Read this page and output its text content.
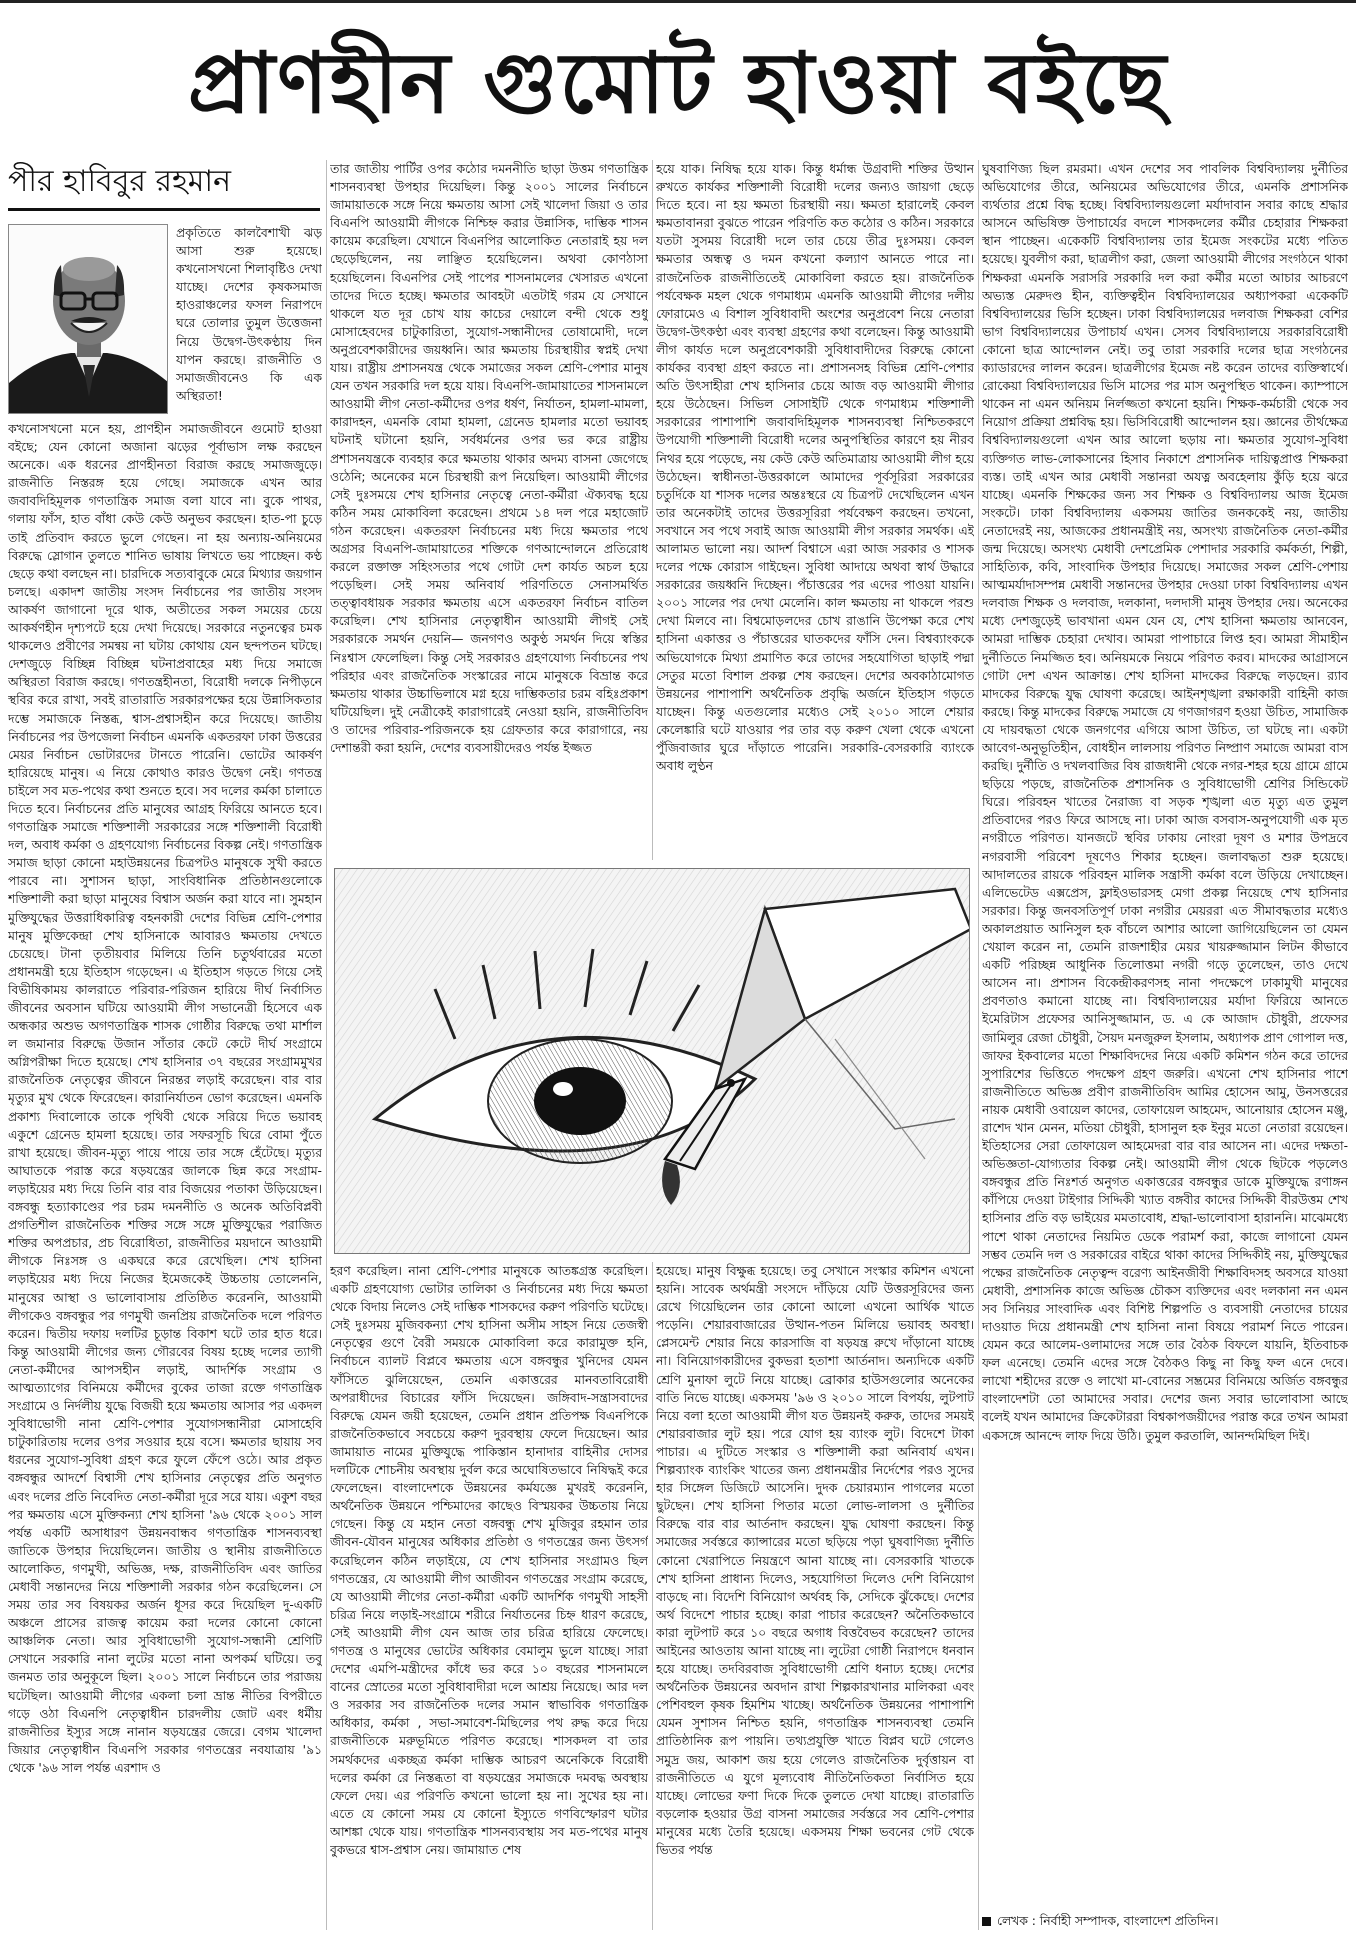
প্রাণহীন গুমোট হাওয়া বইছে
পীর হাবিবুর রহমান
প্রকৃতিতে কালবৈশাখী ঝড় আসা শুরু হয়েছে। কখনোসখনো শিলাবৃষ্টিও দেখা যাচ্ছে। দেশের কৃষকসমাজ হাওরাঞ্চলের ফসল নিরাপদে ঘরে তোলার তুমুল উত্তেজনা নিয়ে উদ্বেগ-উৎকণ্ঠায় দিন যাপন করছে। রাজনীতি ও সমাজজীবনেও কি এক অস্থিরতা!
কখনোসখনো মনে হয়, প্রাণহীন সমাজজীবনে গুমোট হাওয়া বইছে; যেন কোনো অজানা ঝড়ের পূর্বাভাস লক্ষ করছেন অনেকে। এক ধরনের প্রাণহীনতা বিরাজ করছে সমাজজুড়ে। রাজনীতি নিস্তরঙ্গ হয়ে গেছে। সমাজকে এখন আর জবাবদিহিমূলক গণতান্ত্রিক সমাজ বলা যাবে না। বুকে পাথর, গলায় ফাঁস, হাত বাঁধা কেউ কেউ অনুভব করছেন। হাত-পা চুড়ে তাই প্রতিবাদ করতে ভুলে গেছেন। না হয় অন্যায়-অনিয়মের বিরুদ্ধে স্লোগান তুলতে শানিত ভাষায় লিখতে ভয় পাচ্ছেন। কণ্ঠ ছেড়ে কথা বলছেন না। চারদিকে সত্যবাবুকে মেরে মিথ্যার জয়গান চলছে। একাদশ জাতীয় সংসদ নির্বাচনের পর জাতীয় সংসদ আকর্ষণ জাগানো দূরে থাক, অতীতের সকল সময়ের চেয়ে আকর্ষণহীন দৃশ্যপটে হয়ে দেখা দিয়েছে। সরকারে নতুনত্বের চমক থাকলেও প্রবীণের সমন্বয় না ঘটায় কোথায় যেন ছন্দপতন ঘটছে। দেশজুড়ে বিচ্ছিন্ন বিচ্ছিন্ন ঘটনাপ্রবাহের মধ্য দিয়ে সমাজে অস্থিরতা বিরাজ করছে। গণতন্ত্রহীনতা, বিরোধী দলকে নিপীড়নে স্থবির করে রাখা, সবই রাতারাতি সরকারপক্ষের হয়ে উন্নাসিকতার দম্ভে সমাজকে নিস্তব্ধ, শ্বাস-প্রশ্বাসহীন করে দিয়েছে। জাতীয় নির্বাচনের পর উপজেলা নির্বাচন এমনকি একতরফা ঢাকা উত্তরের মেয়র নির্বাচন ভোটারদের টানতে পারেনি। ভোটের আকর্ষণ হারিয়েছে মানুষ। এ নিয়ে কোথাও কারও উদ্বেগ নেই। গণতন্ত্র চাইলে সব মত-পথের কথা শুনতে হবে। সব দলের কর্মকা চালাতে দিতে হবে। নির্বাচনের প্রতি মানুষের আগ্রহ ফিরিয়ে আনতে হবে। গণতান্ত্রিক সমাজে শক্তিশালী সরকারের সঙ্গে শক্তিশালী বিরোধী দল, অবাধ কর্মকা ও গ্রহণযোগ্য নির্বাচনের বিকল্প নেই। গণতান্ত্রিক সমাজ ছাড়া কোনো মহাউন্নয়নের চিত্রপটও মানুষকে সুখী করতে পারবে না। সুশাসন ছাড়া, সাংবিধানিক প্রতিষ্ঠানগুলোকে শক্তিশালী করা ছাড়া মানুষের বিশ্বাস অর্জন করা যাবে না। সুমহান মুক্তিযুদ্ধের উত্তরাধিকারিত্ব বহনকারী দেশের বিভিন্ন শ্রেণি-পেশার মানুষ মুক্তিকেন্দ্রা শেখ হাসিনাকে আবারও ক্ষমতায় দেখতে চেয়েছে। টানা তৃতীয়বার মিলিয়ে তিনি চতুর্থবারের মতো প্রধানমন্ত্রী হয়ে ইতিহাস গড়েছেন। এ ইতিহাস গড়তে গিয়ে সেই বিভীষিকাময় কালরাতে পরিবার-পরিজন হারিয়ে দীর্ঘ নির্বাসিত জীবনের অবসান ঘটিয়ে আওয়ামী লীগ সভানেত্রী হিসেবে এক অন্ধকার অশুভ অগণতান্ত্রিক শাসক গোষ্ঠীর বিরুদ্ধে তথা মার্শাল ল জমানার বিরুদ্ধে উজান সাঁতার কেটে কেটে দীর্ঘ সংগ্রামে অগ্নিপরীক্ষা দিতে হয়েছে। শেখ হাসিনার ৩৭ বছরের সংগ্রামমুখর রাজনৈতিক নেতৃত্বের জীবনে নিরন্তর লড়াই করেছেন। বার বার মৃত্যুর মুখ থেকে ফিরেছেন। কারানির্যাতন ভোগ করেছেন। এমনকি প্রকাশ্য দিবালোকে তাকে পৃথিবী থেকে সরিয়ে দিতে ভয়াবহ একুশে গ্রেনেড হামলা হয়েছে। তার সফরসূচি ঘিরে বোমা পুঁতে রাখা হয়েছে। জীবন-মৃত্যু পায়ে পায়ে তার সঙ্গে হেঁটেছে। মৃত্যুর আঘাতকে পরাস্ত করে ষড়যন্ত্রের জালকে ছিন্ন করে সংগ্রাম-লড়াইয়ের মধ্য দিয়ে তিনি বার বার বিজয়ের পতাকা উড়িয়েছেন। বঙ্গবন্ধু হত্যাকাণ্ডের পর চরম দমননীতি ও অনেক অতিবিপ্লবী প্রগতিশীল রাজনৈতিক শক্তির সঙ্গে সঙ্গে মুক্তিযুদ্ধের পরাজিত শক্তির অপপ্রচার, প্রচ বিরোধিতা, রাজনীতির ময়দানে আওয়ামী লীগকে নিঃসঙ্গ ও একঘরে করে রেখেছিল। শেখ হাসিনা লড়াইয়ের মধ্য দিয়ে নিজের ইমেজকেই উচ্চতায় তোলেননি, মানুষের আস্থা ও ভালোবাসায় প্রতিষ্ঠিত করেননি, আওয়ামী লীগকেও বঙ্গবন্ধুর পর গণমুখী জনপ্রিয় রাজনৈতিক দলে পরিণত করেন। দ্বিতীয় দফায় দলটির চূড়ান্ত বিকাশ ঘটে তার হাত ধরে। কিন্তু আওয়ামী লীগের জন্য গৌরবের বিষয় হচ্ছে দলের ত্যাগী নেতা-কর্মীদের আপসহীন লড়াই, আদর্শিক সংগ্রাম ও আত্মত্যাগের বিনিময়ে কর্মীদের বুকের তাজা রক্তে গণতান্ত্রিক সংগ্রামে ও নির্দলীয় যুদ্ধে বিজয়ী হয়ে ক্ষমতায় আসার পর একদল সুবিধাভোগী নানা শ্রেণি-পেশার সুযোগসন্ধানীরা মোসাহেবি চাটুকারিতায় দলের ওপর সওয়ার হয়ে বসে। ক্ষমতার ছায়ায় সব ধরনের সুযোগ-সুবিধা গ্রহণ করে ফুলে ফেঁপে ওঠে। আর প্রকৃত বঙ্গবন্ধুর আদর্শে বিশ্বাসী শেখ হাসিনার নেতৃত্বের প্রতি অনুগত এবং দলের প্রতি নিবেদিত নেতা-কর্মীরা দূরে সরে যায়। একুশ বছর পর ক্ষমতায় এসে মুক্তিকন্যা শেখ হাসিনা '৯৬ থেকে ২০০১ সাল পর্যন্ত একটি অসাধারণ উন্নয়নবান্ধব গণতান্ত্রিক শাসনব্যবস্থা জাতিকে উপহার দিয়েছিলেন। জাতীয় ও স্থানীয় রাজনীতিতে আলোকিত, গণমুখী, অভিজ্ঞ, দক্ষ, রাজনীতিবিদ এবং জাতির মেধাবী সন্তানদের নিয়ে শক্তিশালী সরকার গঠন করেছিলেন। সে সময় তার সব বিষয়কর অর্জন ধূসর করে দিয়েছিল দু-একটি অঞ্চলে প্রাসের রাজত্ব কায়েম করা দলের কোনো কোনো আঞ্চলিক নেতা। আর সুবিধাভোগী সুযোগ-সন্ধানী শ্রেণিটি সেখানে সরকারি নানা লুটের মতো নানা অপকর্ম ঘটিয়ে। তবু জনমত তার অনুকূলে ছিল। ২০০১ সালে নির্বাচনে তার পরাজয় ঘটেছিল। আওয়ামী লীগের একলা চলা ভ্রান্ত নীতির বিপরীতে গড়ে ওঠা বিএনপি নেতৃত্বাধীন চারদলীয় জোট এবং ধর্মীয় রাজনীতির ইস্যুর সঙ্গে নানান ষড়যন্ত্রের জেরে। বেগম খালেদা জিয়ার নেতৃত্বাধীন বিএনপি সরকার গণতন্ত্রের নবযাত্রায় '৯১ থেকে '৯৬ সাল পর্যন্ত এরশাদ ও
তার জাতীয় পার্টির ওপর কঠোর দমননীতি ছাড়া উত্তম গণতান্ত্রিক শাসনব্যবস্থা উপহার দিয়েছিল। কিন্তু ২০০১ সালের নির্বাচনে জামায়াতকে সঙ্গে নিয়ে ক্ষমতায় আসা সেই খালেদা জিয়া ও তার বিএনপি আওয়ামী লীগকে নিশ্চিহ্ন করার উন্নাসিক, দাম্ভিক শাসন কায়েম করেছিল। যেখানে বিএনপির আলোকিত নেতারাই হয় দল ছেড়েছিলেন, নয় লাঞ্ছিত হয়েছিলেন। অথবা কোণঠাসা হয়েছিলেন। বিএনপির সেই পাপের শাসনামলের খেসারত এখনো তাদের দিতে হচ্ছে। ক্ষমতার আবহটা এতটাই গরম যে সেখানে থাকলে যত দূর চোখ যায় কাচের দেয়ালে বন্দী থেকে শুধু মোসাহেবদের চাটুকারিতা, সুযোগ-সন্ধানীদের তোষামোদী, দলে অনুপ্রবেশকারীদের জয়ধ্বনি। আর ক্ষমতায় চিরস্থায়ীর স্বপ্নই দেখা যায়। রাষ্ট্রীয় প্রশাসনযন্ত্র থেকে সমাজের সকল শ্রেণি-পেশার মানুষ যেন তখন সরকারি দল হয়ে যায়। বিএনপি-জামায়াতের শাসনামলে আওয়ামী লীগ নেতা-কর্মীদের ওপর ধর্ষণ, নির্যাতন, হামলা-মামলা, কারাদহন, এমনকি বোমা হামলা, গ্রেনেড হামলার মতো ভয়াবহ ঘটনাই ঘটানো হয়নি, সর্বধর্মনের ওপর ভর করে রাষ্ট্রীয় প্রশাসনযন্ত্রকে ব্যবহার করে ক্ষমতায় থাকার অদম্য বাসনা জেগেছে ওঠেনি; অনেকের মনে চিরস্থায়ী রূপ নিয়েছিল। আওয়ামী লীগের সেই দুঃসময়ে শেখ হাসিনার নেতৃত্বে নেতা-কর্মীরা ঐক্যবদ্ধ হয়ে কঠিন সময় মোকাবিলা করেছেন। প্রথমে ১৪ দল পরে মহাজোট গঠন করেছেন। একতরফা নির্বাচনের মধ্য দিয়ে ক্ষমতার পথে অগ্রসর বিএনপি-জামায়াতের শক্তিকে গণআন্দোলনে প্রতিরোধ করলে রক্তাক্ত সহিংসতার পথে গোটা দেশ কার্যত অচল হয়ে পড়েছিল। সেই সময় অনিবার্য পরিণতিতে সেনাসমর্থিত তত্ত্বাবধায়ক সরকার ক্ষমতায় এসে একতরফা নির্বাচন বাতিল করেছিল। শেখ হাসিনার নেতৃত্বাধীন আওয়ামী লীগই সেই সরকারকে সমর্থন দেয়নি— জনগণও অকুণ্ঠ সমর্থন দিয়ে স্বস্তির নিঃশ্বাস ফেলেছিল। কিন্তু সেই সরকারও গ্রহণযোগ্য নির্বাচনের পথ পরিহার এবং রাজনৈতিক সংস্কারের নামে মানুষকে বিভ্রান্ত করে ক্ষমতায় থাকার উচ্চাভিলাষে মগ্ন হয়ে দাম্ভিকতার চরম বহিঃপ্রকাশ ঘটিয়েছিল। দুই নেত্রীকেই কারাগারেই নেওয়া হয়নি, রাজনীতিবিদ ও তাদের পরিবার-পরিজনকে হয় গ্রেফতার করে কারাগারে, নয় দেশান্তরী করা হয়নি, দেশের ব্যবসায়ীদেরও পর্যন্ত ইজ্জত
হয়ে যাক। নিষিদ্ধ হয়ে যাক। কিন্তু ধর্মান্ধ উগ্রবাদী শক্তির উত্থান রুখতে কার্যকর শক্তিশালী বিরোধী দলের জন্যও জায়গা ছেড়ে দিতে হবে। না হয় ক্ষমতা চিরস্থায়ী নয়। ক্ষমতা হারালেই কেবল ক্ষমতাবানরা বুঝতে পারেন পরিণতি কত কঠোর ও কঠিন। সরকারে যতটা সুসময় বিরোধী দলে তার চেয়ে তীব্র দুঃসময়। কেবল ক্ষমতার অন্ধত্ব ও দমন কখনো কল্যাণ আনতে পারে না। রাজনৈতিক রাজনীতিতেই মোকাবিলা করতে হয়। রাজনৈতিক পর্যবেক্ষক মহল থেকে গণমাধ্যম এমনকি আওয়ামী লীগের দলীয় ফোরামেও এ বিশাল সুবিধাবাদী অংশের অনুপ্রবেশ নিয়ে নেতারা উদ্বেগ-উৎকণ্ঠা এবং ব্যবস্থা গ্রহণের কথা বলেছেন। কিন্তু আওয়ামী লীগ কার্যত দলে অনুপ্রবেশকারী সুবিধাবাদীদের বিরুদ্ধে কোনো কার্যকর ব্যবস্থা গ্রহণ করতে না। প্রশাসনসহ বিভিন্ন শ্রেণি-পেশার অতি উৎসাহীরা শেখ হাসিনার চেয়ে আজ বড় আওয়ামী লীগার হয়ে উঠেছেন। সিভিল সোসাইটি থেকে গণমাধ্যম শক্তিশালী সরকারের পাশাপাশি জবাবদিহিমূলক শাসনব্যবস্থা নিশ্চিতকরণে উপযোগী শক্তিশালী বিরোধী দলের অনুপস্থিতির কারণে হয় নীরব নিথর হয়ে পড়েছে, নয় কেউ কেউ অতিমাত্রায় আওয়ামী লীগ হয়ে উঠেছেন। স্বাধীনতা-উত্তরকালে আমাদের পূর্বসূরিরা সরকারের চতুর্দিকে যা শাসক দলের অন্তঃস্থরে যে চিত্রপট দেখেছিলেন এখন তার অনেকটাই তাদের উত্তরসূরিরা পর্যবেক্ষণ করছেন। তখনো, সবখানে সব পথে সবাই আজ আওয়ামী লীগ সরকার সমর্থক। এই আলামত ভালো নয়। আদর্শ বিশ্বাসে এরা আজ সরকার ও শাসক দলের পক্ষে কোরাস গাইছেন। সুবিধা আদায়ে অথবা স্বার্থ উদ্ধারে সরকারের জয়ধ্বনি দিচ্ছেন। পঁচাত্তরের পর এদের পাওয়া যায়নি। ২০০১ সালের পর দেখা মেলেনি। কাল ক্ষমতায় না থাকলে পরশু দেখা মিলবে না। বিশ্বমোড়লদের চোখ রাঙানি উপেক্ষা করে শেখ হাসিনা একাত্তর ও পঁচাত্তরের ঘাতকদের ফাঁসি দেন। বিশ্বব্যাংককে অভিযোগকে মিথ্যা প্রমাণিত করে তাদের সহযোগিতা ছাড়াই পদ্মা সেতুর মতো বিশাল প্রকল্প শেষ করছেন। দেশের অবকাঠামোগত উন্নয়নের পাশাপাশি অর্থনৈতিক প্রবৃদ্ধি অর্জনে ইতিহাস গড়তে যাচ্ছেন। কিন্তু এতগুলোর মধ্যেও সেই ২০১০ সালে শেয়ার কেলেঙ্কারি ঘটে যাওয়ার পর তার বড় করুণ খেলা থেকে এখনো পুঁজিবাজার ঘুরে দাঁড়াতে পারেনি। সরকারি-বেসরকারি ব্যাংকে অবাধ লুণ্ঠন
হরণ করেছিল। নানা শ্রেণি-পেশার মানুষকে আতঙ্কগ্রস্ত করেছিল। একটি গ্রহণযোগ্য ভোটার তালিকা ও নির্বাচনের মধ্য দিয়ে ক্ষমতা থেকে বিদায় নিলেও সেই দাম্ভিক শাসকদের করুণ পরিণতি ঘটেছে। সেই দুঃসময় মুজিবকন্যা শেখ হাসিনা অসীম সাহস নিয়ে তেজস্বী নেতৃত্বের গুণে বৈরী সময়কে মোকাবিলা করে কারামুক্ত হনি, নির্বাচনে ব্যালট বিপ্লবে ক্ষমতায় এসে বঙ্গবন্ধুর খুনিদের যেমন ফাঁসিতে ঝুলিয়েছেন, তেমনি একাত্তরের মানবতাবিরোধী অপরাধীদের বিচারের ফাঁসি দিয়েছেন। জঙ্গিবাদ-সন্ত্রাসবাদের বিরুদ্ধে যেমন জয়ী হয়েছেন, তেমনি প্রধান প্রতিপক্ষ বিএনপিকে রাজনৈতিকভাবে সবচেয়ে করুণ দুরবস্থায় ফেলে দিয়েছেন। আর জামায়াত নামের মুক্তিযুদ্ধে পাকিস্তান হানাদার বাহিনীর দোসর দলটিকে শোচনীয় অবস্থায় দুর্বল করে অঘোষিতভাবে নিষিদ্ধই করে ফেলেছেন। বাংলাদেশকে উন্নয়নের কর্মযজ্ঞে মুখরই করেননি, অর্থনৈতিক উন্নয়নে পশ্চিমাদের কাছেও বিস্ময়কর উচ্চতায় নিয়ে গেছেন। কিন্তু যে মহান নেতা বঙ্গবন্ধু শেখ মুজিবুর রহমান তার জীবন-যৌবন মানুষের অধিকার প্রতিষ্ঠা ও গণতন্ত্রের জন্য উৎসর্গ করেছিলেন কঠিন লড়াইয়ে, যে শেখ হাসিনার সংগ্রামও ছিল গণতন্ত্রের, যে আওয়ামী লীগ আজীবন গণতন্ত্রের সংগ্রাম করেছে, যে আওয়ামী লীগের নেতা-কর্মীরা একটি আদর্শিক গণমুখী সাহসী চরিত্র নিয়ে লড়াই-সংগ্রামে শরীরে নির্যাতনের চিহ্ন ধারণ করেছে, সেই আওয়ামী লীগ যেন আজ তার চরিত্র হারিয়ে ফেলেছে। গণতন্ত্র ও মানুষের ভোটের অধিকার বেমালুম ভুলে যাচ্ছে। সারা দেশের এমপি-মন্ত্রীদের কাঁধে ভর করে ১০ বছরের শাসনামলে বানের স্রোতের মতো সুবিধাবাদীরা দলে আশ্রয় নিয়েছে। আর দল ও সরকার সব রাজনৈতিক দলের সমান স্বাভাবিক গণতান্ত্রিক অধিকার, কর্মকা , সভা-সমাবেশ-মিছিলের পথ রুদ্ধ করে দিয়ে রাজনীতিকে মরুভূমিতে পরিণত করেছে। শাসকদল বা তার সমর্থকদের একচ্ছত্র কর্মকা দাম্ভিক আচরণ অনেকিকে বিরোধী দলের কর্মকা রে নিস্তব্ধতা বা ষড়যন্ত্রের সমাজকে দমবদ্ধ অবস্থায় ফেলে দেয়। এর পরিণতি কখনো ভালো হয় না। সুখের হয় না। এতে যে কোনো সময় যে কোনো ইস্যুতে গণবিস্ফোরণ ঘটার আশঙ্কা থেকে যায়। গণতান্ত্রিক শাসনব্যবস্থায় সব মত-পথের মানুষ বুকভরে শ্বাস-প্রশ্বাস নেয়। জামায়াত শেষ
হয়েছে। মানুষ বিক্ষুব্ধ হয়েছে। তবু সেখানে সংস্কার কমিশন এখনো হয়নি। সাবেক অর্থমন্ত্রী সংসদে দাঁড়িয়ে যেটি উত্তরসূরিদের জন্য রেখে গিয়েছিলেন তার কোনো আলো এখনো আর্থিক খাতে পড়েনি। শেয়ারবাজারের উত্থান-পতন মিলিয়ে ভয়াবহ অবস্থা। প্লেসমেন্ট শেয়ার নিয়ে কারসাজি বা ষড়যন্ত্র রুখে দাঁড়ানো যাচ্ছে না। বিনিয়োগকারীদের বুকভরা হতাশা আর্তনাদ। অন্যদিকে একটি শ্রেণি মুনাফা লুটে নিয়ে যাচ্ছে। ব্রোকার হাউসগুলোর অনেকের বাতি নিভে যাচ্ছে। একসময় '৯৬ ও ২০১০ সালে বিপর্যয়, লুটপাট নিয়ে বলা হতো আওয়ামী লীগ যত উন্নয়নই করুক, তাদের সময়ই শেয়ারবাজার লুট হয়। পরে যোগ হয় ব্যাংক লুট। বিদেশে টাকা পাচার। এ দুটিতে সংস্কার ও শক্তিশালী করা অনিবার্য এখন। শিল্পব্যাংক ব্যাংকিং খাতের জন্য প্রধানমন্ত্রীর নির্দেশের পরও সুদের হার সিঙ্গেল ডিজিটে আসেনি। দুদক চেয়ারম্যান পাগলের মতো ছুটছেন। শেখ হাসিনা পিতার মতো লোভ-লালসা ও দুর্নীতির বিরুদ্ধে বার বার আর্তনাদ করছেন। যুদ্ধ ঘোষণা করছেন। কিন্তু সমাজের সর্বস্তরে ক্যান্সারের মতো ছড়িয়ে পড়া ঘুষবাণিজ্য দুর্নীতি কোনো খেরাপিতে নিয়ন্ত্রণে আনা যাচ্ছে না। বেসরকারি খাতকে শেখ হাসিনা প্রাধান্য দিলেও, সহযোগিতা দিলেও দেশি বিনিয়োগ বাড়ছে না। বিদেশি বিনিয়োগ অর্থবহ কি, সেদিকে ঝুঁকেছে। দেশের অর্থ বিদেশে পাচার হচ্ছে। কারা পাচার করেছেন? অনৈতিকভাবে কারা লুটপাট করে ১০ বছরে অগাধ বিত্তবৈভব করেছেন? তাদের আইনের আওতায় আনা যাচ্ছে না। লুটেরা গোষ্ঠী নিরাপদে ধনবান হয়ে যাচ্ছে। তদবিরবাজ সুবিধাভোগী শ্রেণি ধনাঢ্য হচ্ছে। দেশের অর্থনৈতিক উন্নয়নের অবদান রাখা শিল্পকারখানার মালিকরা এবং পেশিবহুল কৃষক হিমশিম খাচ্ছে। অর্থনৈতিক উন্নয়নের পাশাপাশি যেমন সুশাসন নিশ্চিত হয়নি, গণতান্ত্রিক শাসনব্যবস্থা তেমনি প্রাতিষ্ঠানিক রূপ পায়নি। তথ্যপ্রযুক্তি খাতে বিপ্লব ঘটে গেলেও সমুদ্র জয়, আকাশ জয় হয়ে গেলেও রাজনৈতিক দুর্বৃত্তায়ন বা রাজনীতিতে এ যুগে মূল্যবোধ নীতিনৈতিকতা নির্বাসিত হয়ে যাচ্ছে। লোভের ফণা দিকে দিকে তুলতে দেখা যাচ্ছে। রাতারাতি বড়লোক হওয়ার উগ্র বাসনা সমাজের সর্বস্তরে সব শ্রেণি-পেশার মানুষের মধ্যে তৈরি হয়েছে। একসময় শিক্ষা ভবনের গেট থেকে ভিতর পর্যন্ত
ঘুষবাণিজ্য ছিল রমরমা। এখন দেশের সব পাবলিক বিশ্ববিদ্যালয় দুর্নীতির অভিযোগের তীরে, অনিয়মের অভিযোগের তীরে, এমনকি প্রশাসনিক ব্যর্থতার প্রশ্নে বিদ্ধ হচ্ছে। বিশ্ববিদ্যালয়গুলো মর্যাদাবান সবার কাছে শ্রদ্ধার আসনে অভিষিক্ত উপাচার্যের বদলে শাসকদলের কর্মীর চেহারার শিক্ষকরা স্থান পাচ্ছেন। একেকটি বিশ্ববিদ্যালয় তার ইমেজ সংকটের মধ্যে পতিত হয়েছে। যুবলীগ করা, ছাত্রলীগ করা, জেলা আওয়ামী লীগের সংগঠনে থাকা শিক্ষকরা এমনকি সরাসরি সরকারি দল করা কর্মীর মতো আচার আচরণে অভ্যস্ত মেরুদণ্ড হীন, ব্যক্তিত্বহীন বিশ্ববিদ্যালয়ের অধ্যাপকরা একেকটি বিশ্ববিদ্যালয়ের ভিসি হচ্ছেন। ঢাকা বিশ্ববিদ্যালয়ের দলবাজ শিক্ষকরা বেশির ভাগ বিশ্ববিদ্যালয়ের উপাচার্য এখন। সেসব বিশ্ববিদ্যালয়ে সরকারবিরোধী কোনো ছাত্র আন্দোলন নেই। তবু তারা সরকারি দলের ছাত্র সংগঠনের ক্যাডারদের লালন করেন। ছাত্রলীগের ইমেজ নষ্ট করেন তাদের ব্যক্তিস্বার্থে। রোকেয়া বিশ্ববিদ্যালয়ের ভিসি মাসের পর মাস অনুপস্থিত থাকেন। ক্যাম্পাসে থাকেন না এমন অনিয়ম নির্লজ্জতা কখনো হয়নি। শিক্ষক-কর্মচারী থেকে সব নিয়োগ প্রক্রিয়া প্রশ্নবিদ্ধ হয়। ভিসিবিরোধী আন্দোলন হয়। জ্ঞানের তীর্থক্ষেত্র বিশ্ববিদ্যালয়গুলো এখন আর আলো ছড়ায় না। ক্ষমতার সুযোগ-সুবিধা ব্যক্তিগত লাভ-লোকসানের হিসাব নিকাশে প্রশাসনিক দায়িত্বপ্রাপ্ত শিক্ষকরা ব্যস্ত। তাই এখন আর মেধাবী সন্তানরা অযত্ন অবহেলায় কুঁড়ি হয়ে ঝরে যাচ্ছে। এমনকি শিক্ষকের জন্য সব শিক্ষক ও বিশ্ববিদ্যালয় আজ ইমেজ সংকটে। ঢাকা বিশ্ববিদ্যালয় একসময় জাতির জনককেই নয়, জাতীয় নেতাদেরই নয়, আজকের প্রধানমন্ত্রীই নয়, অসংখ্য রাজনৈতিক নেতা-কর্মীর জন্ম দিয়েছে। অসংখ্য মেধাবী দেশপ্রেমিক পেশাদার সরকারি কর্মকর্তা, শিল্পী, সাহিত্যিক, কবি, সাংবাদিক উপহার দিয়েছে। সমাজের সকল শ্রেণি-পেশায় আত্মমর্যাদাসম্পন্ন মেধাবী সন্তানদের উপহার দেওয়া ঢাকা বিশ্ববিদ্যালয় এখন দলবাজ শিক্ষক ও দলবাজ, দলকানা, দলদাসী মানুষ উপহার দেয়। অনেকের মধ্যে দেশজুড়েই ভাবখানা এমন যেন যে, শেখ হাসিনা ক্ষমতায় আনবেন, আমরা দাম্ভিক চেহারা দেখাব। আমরা পাপাচারে লিপ্ত হব। আমরা সীমাহীন দুর্নীতিতে নিমজ্জিত হব। অনিয়মকে নিয়মে পরিণত করব। মাদকের আগ্রাসনে গোটা দেশ এখন আক্রান্ত। শেখ হাসিনা মাদকের বিরুদ্ধে লড়ছেন। র‍্যাব মাদকের বিরুদ্ধে যুদ্ধ ঘোষণা করেছে। আইনশৃঙ্খলা রক্ষাকারী বাহিনী কাজ করছে। কিন্তু মাদকের বিরুদ্ধে সমাজে যে গণজাগরণ হওয়া উচিত, সামাজিক যে দায়বদ্ধতা থেকে জনগণের এগিয়ে আসা উচিত, তা ঘটছে না। একটা আবেগ-অনুভূতিহীন, বোধহীন লালসায় পরিণত নিষ্প্রাণ সমাজে আমরা বাস করছি। দুর্নীতি ও দখলবাজির বিষ রাজধানী থেকে নগর-শহর হয়ে গ্রামে গ্রামে ছড়িয়ে পড়ছে, রাজনৈতিক প্রশাসনিক ও সুবিধাভোগী শ্রেণির সিন্ডিকেট ঘিরে। পরিবহন খাতের নৈরাজ্য বা সড়ক শৃঙ্খলা এত মৃত্যু এত তুমুল প্রতিবাদের পরও ফিরে আসছে না। ঢাকা আজ বসবাস-অনুপযোগী এক মৃত নগরীতে পরিণত। যানজটে স্থবির ঢাকায় নোংরা দূষণ ও মশার উপদ্রবে নগরবাসী পরিবেশ দূষণেও শিকার হচ্ছেন। জলাবদ্ধতা শুরু হয়েছে। আদালতের রায়কে পরিবহন মালিক সন্ত্রাসী কর্মকা বলে উড়িয়ে দেখাচ্ছেন। এলিভেটেড এক্সপ্রেস, ফ্লাইওভারসহ মেগা প্রকল্প নিয়েছে শেখ হাসিনার সরকার। কিন্তু জনবসতিপূর্ণ ঢাকা নগরীর মেয়ররা এত সীমাবদ্ধতার মধ্যেও অকালপ্রয়াত আনিসুল হক বাঁচলে আশার আলো জাগিয়েছিলেন তা যেমন খেয়াল করেন না, তেমনি রাজশাহীর মেয়র খায়রুজ্জামান লিটন কীভাবে একটি পরিচ্ছন্ন আধুনিক তিলোত্তমা নগরী গড়ে তুলেছেন, তাও দেখে আসেন না। প্রশাসন বিকেন্দ্রীকরণসহ নানা পদক্ষেপে ঢাকামুখী মানুষের প্রবণতাও কমানো যাচ্ছে না। বিশ্ববিদ্যালয়ের মর্যাদা ফিরিয়ে আনতে ইমেরিটাস প্রফেসর আনিসুজ্জামান, ড. এ কে আজাদ চৌধুরী, প্রফেসর জামিলুর রেজা চৌধুরী, সৈয়দ মনজুরুল ইসলাম, অধ্যাপক প্রাণ গোপাল দত্ত, জাফর ইকবালের মতো শিক্ষাবিদদের নিয়ে একটি কমিশন গঠন করে তাদের সুপারিশের ভিত্তিতে পদক্ষেপ গ্রহণ জরুরি। এখনো শেখ হাসিনার পাশে রাজনীতিতে অভিজ্ঞ প্রবীণ রাজনীতিবিদ আমির হোসেন আমু, উনসত্তরের নায়ক মেধাবী ওবায়েল কাদের, তোফায়েল আহমেদ, আনোয়ার হোসেন মঞ্জু, রাশেদ খান মেনন, মতিয়া চৌধুরী, হাসানুল হক ইনুর মতো নেতারা রয়েছেন। ইতিহাসের সেরা তোফায়েল আহমেদরা বার বার আসেন না। এদের দক্ষতা-অভিজ্ঞতা-যোগ্যতার বিকল্প নেই। আওয়ামী লীগ থেকে ছিটকে পড়লেও বঙ্গবন্ধুর প্রতি নিঃশর্ত অনুগত একাত্তরের বঙ্গবন্ধুর ডাকে মুক্তিযুদ্ধে রণাঙ্গন কাঁপিয়ে দেওয়া টাইগার সিদ্দিকী খ্যাত বঙ্গবীর কাদের সিদ্দিকী বীরউত্তম শেখ হাসিনার প্রতি বড় ভাইয়ের মমতাবোধ, শ্রদ্ধা-ভালোবাসা হারাননি। মাঝেমধ্যে পাশে থাকা নেতাদের নিয়মিত ডেকে পরামর্শ করা, কাজে লাগানো যেমন সম্ভব তেমনি দল ও সরকারের বাইরে থাকা কাদের সিদ্দিকীই নয়, মুক্তিযুদ্ধের পক্ষের রাজনৈতিক নেতৃত্বন্দ বরেণ্য আইনজীবী শিক্ষাবিদসহ অবসরে যাওয়া মেধাবী, প্রশাসনিক কাজে অভিজ্ঞ চৌকস ব্যক্তিদের এবং দলকানা নন এমন সব সিনিয়র সাংবাদিক এবং বিশিষ্ট শিল্পপতি ও ব্যবসায়ী নেতাদের চায়ের দাওয়াত দিয়ে প্রধানমন্ত্রী শেখ হাসিনা নানা বিষয়ে পরামর্শ নিতে পারেন। যেমন করে আলেম-ওলামাদের সঙ্গে তার বৈঠক বিফলে যায়নি, ইতিবাচক ফল এনেছে। তেমনি এদের সঙ্গে বৈঠকও কিছু না কিছু ফল এনে দেবে। লাখো শহীদের রক্তে ও লাখো মা-বোনের সম্ভ্রমের বিনিময়ে অর্জিত বঙ্গবন্ধুর বাংলাদেশটা তো আমাদের সবার। দেশের জন্য সবার ভালোবাসা আছে বলেই যখন আমাদের ক্রিকেটাররা বিশ্বকাপজয়ীদের পরাস্ত করে তখন আমরা একসঙ্গে আনন্দে লাফ দিয়ে উঠি। তুমুল করতালি, আনন্দমিছিল দিই।
লেখক : নির্বাহী সম্পাদক, বাংলাদেশ প্রতিদিন।
